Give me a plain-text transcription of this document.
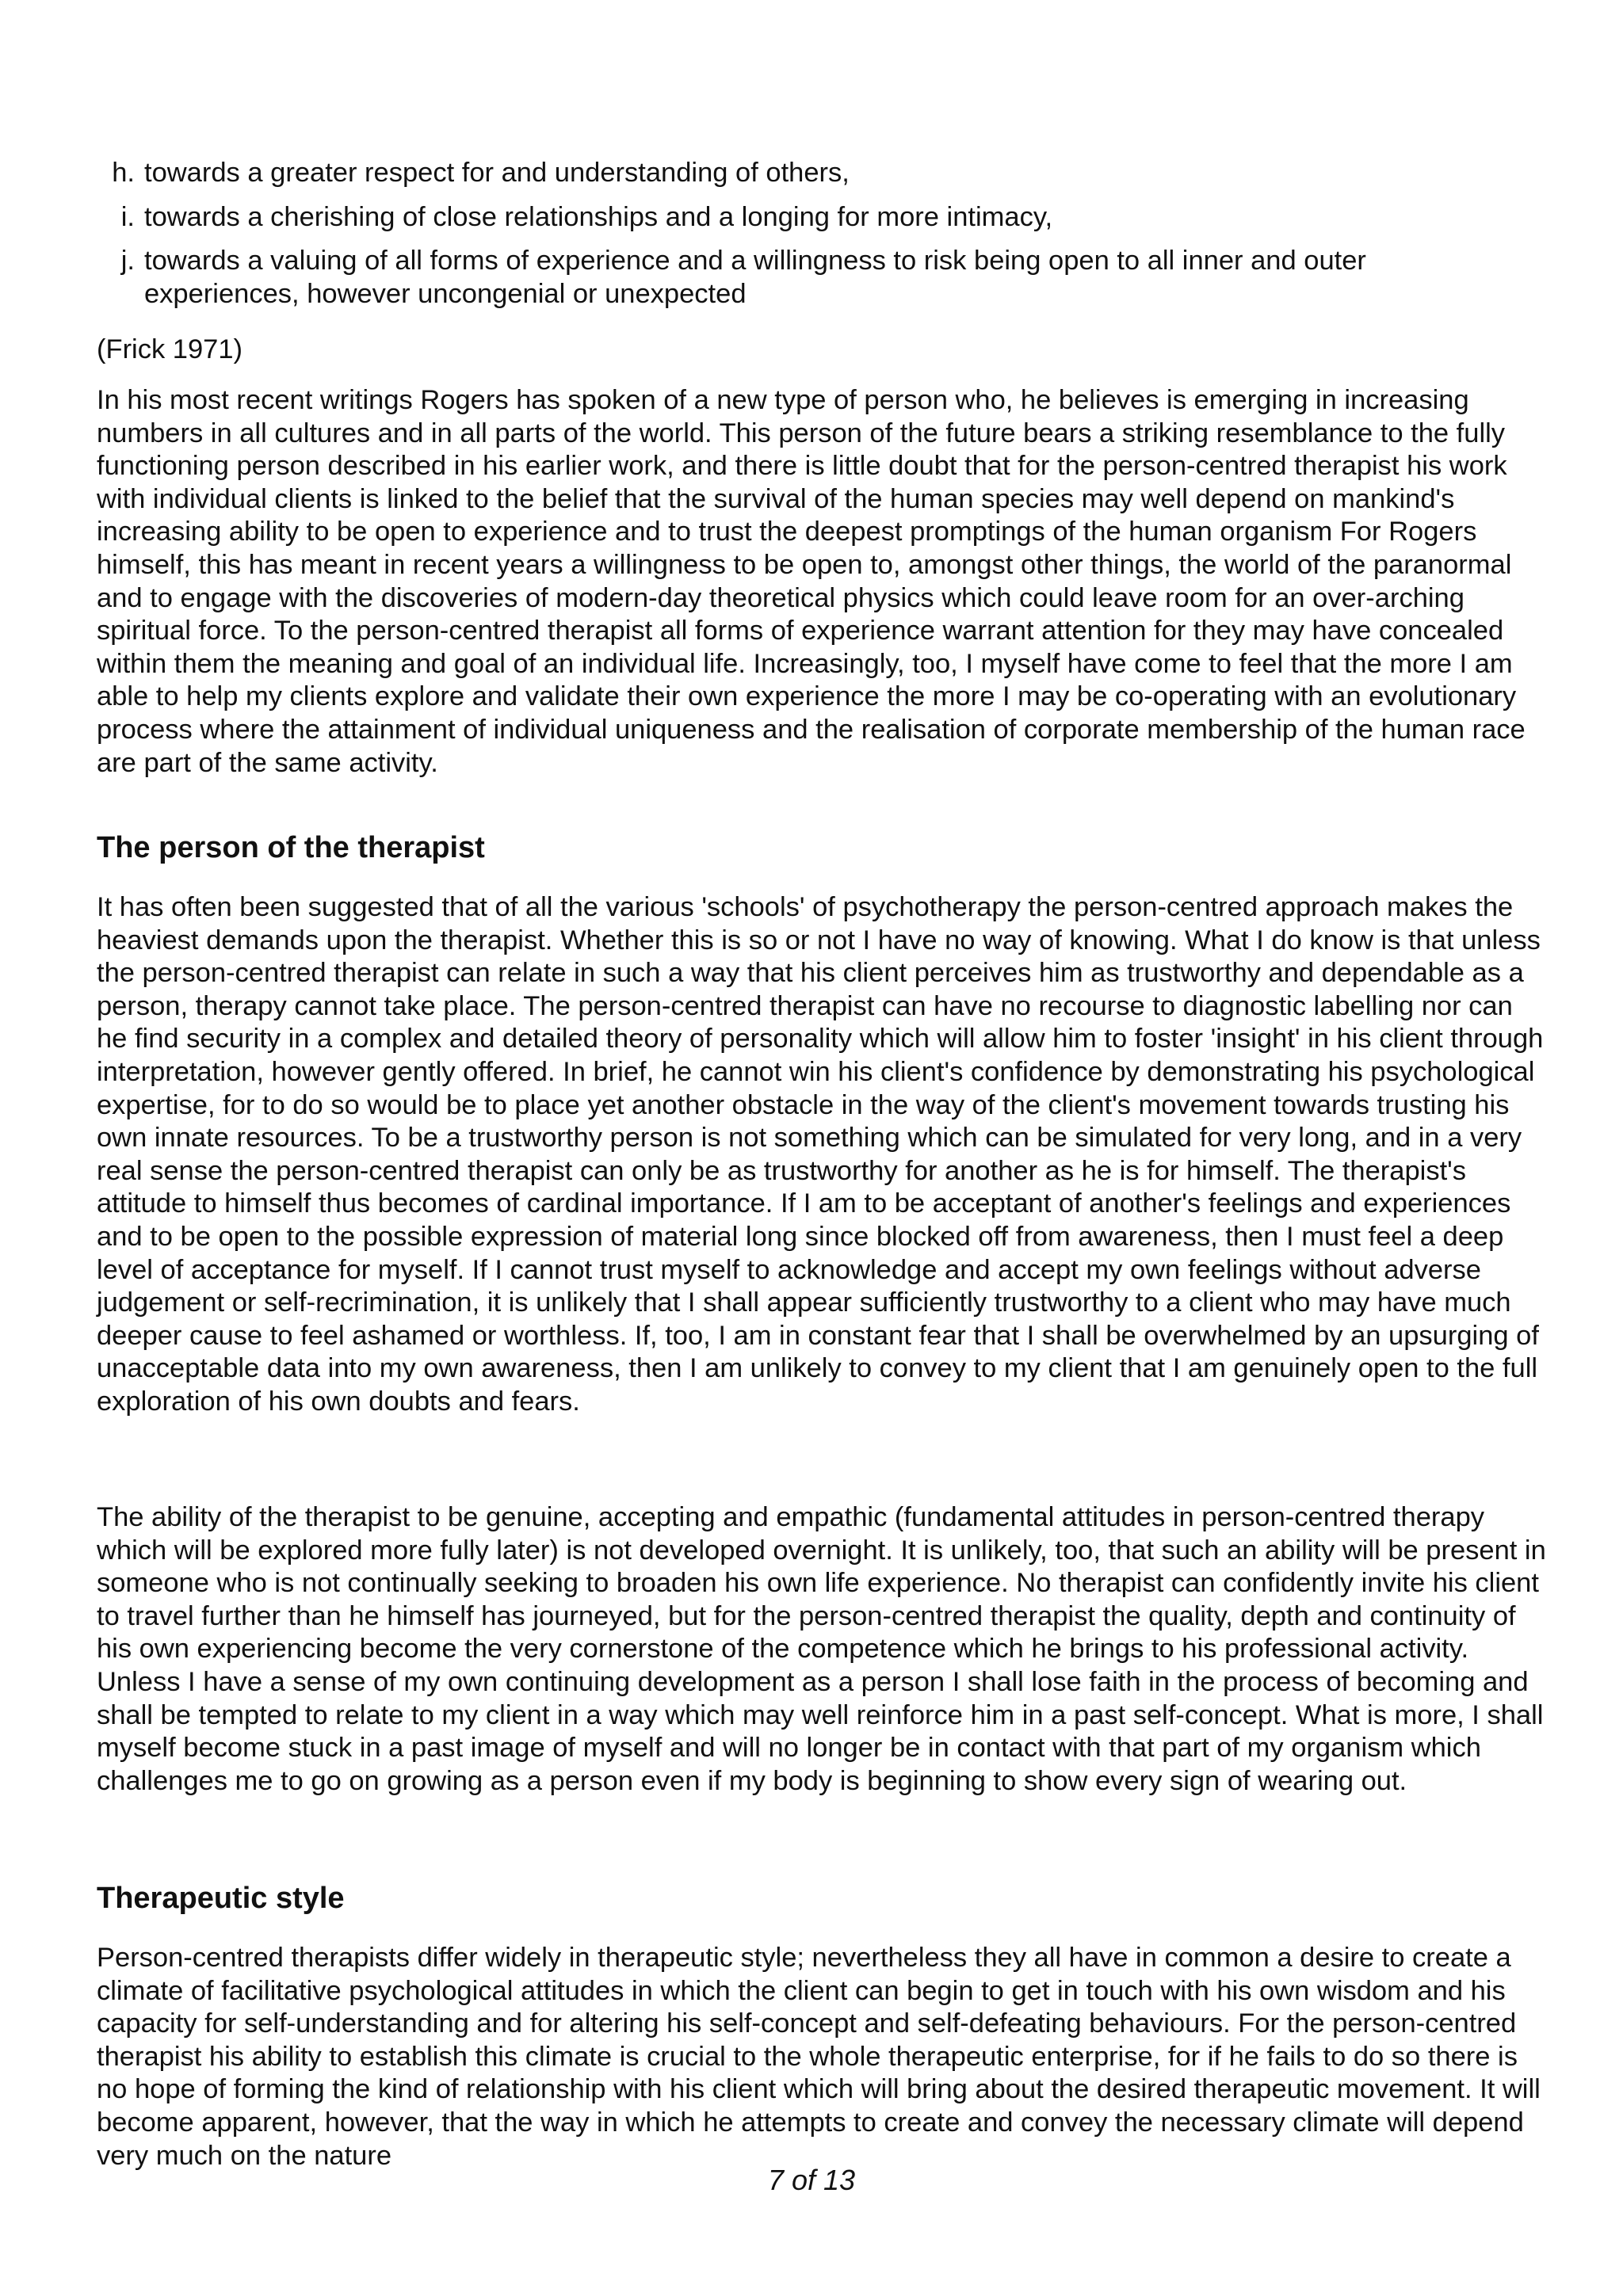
h. towards a greater respect for and understanding of others,
i. towards a cherishing of close relationships and a longing for more intimacy,
j. towards a valuing of all forms of experience and a willingness to risk being open to all inner and outer experiences, however uncongenial or unexpected

(Frick 1971)

In his most recent writings Rogers has spoken of a new type of person who, he believes is emerging in increasing numbers in all cultures and in all parts of the world. This person of the future bears a striking resemblance to the fully functioning person described in his earlier work, and there is little doubt that for the person-centred therapist his work with individual clients is linked to the belief that the survival of the human species may well depend on mankind's increasing ability to be open to experience and to trust the deepest promptings of the human organism For Rogers himself, this has meant in recent years a willingness to be open to, amongst other things, the world of the paranormal and to engage with the discoveries of modern-day theoretical physics which could leave room for an over-arching spiritual force. To the person-centred therapist all forms of experience warrant attention for they may have concealed within them the meaning and goal of an individual life. Increasingly, too, I myself have come to feel that the more I am able to help my clients explore and validate their own experience the more I may be co-operating with an evolutionary process where the attainment of individual uniqueness and the realisation of corporate membership of the human race are part of the same activity.

The person of the therapist

It has often been suggested that of all the various 'schools' of psychotherapy the person-centred approach makes the heaviest demands upon the therapist. Whether this is so or not I have no way of knowing. What I do know is that unless the person-centred therapist can relate in such a way that his client perceives him as trustworthy and dependable as a person, therapy cannot take place. The person-centred therapist can have no recourse to diagnostic labelling nor can he find security in a complex and detailed theory of personality which will allow him to foster 'insight' in his client through interpretation, however gently offered. In brief, he cannot win his client's confidence by demonstrating his psychological expertise, for to do so would be to place yet another obstacle in the way of the client's movement towards trusting his own innate resources. To be a trustworthy person is not something which can be simulated for very long, and in a very real sense the person-centred therapist can only be as trustworthy for another as he is for himself. The therapist's attitude to himself thus becomes of cardinal importance. If I am to be acceptant of another's feelings and experiences and to be open to the possible expression of material long since blocked off from awareness, then I must feel a deep level of acceptance for myself. If I cannot trust myself to acknowledge and accept my own feelings without adverse judgement or self-recrimination, it is unlikely that I shall appear sufficiently trustworthy to a client who may have much deeper cause to feel ashamed or worthless. If, too, I am in constant fear that I shall be overwhelmed by an upsurging of unacceptable data into my own awareness, then I am unlikely to convey to my client that I am genuinely open to the full exploration of his own doubts and fears.

The ability of the therapist to be genuine, accepting and empathic (fundamental attitudes in person-centred therapy which will be explored more fully later) is not developed overnight. It is unlikely, too, that such an ability will be present in someone who is not continually seeking to broaden his own life experience. No therapist can confidently invite his client to travel further than he himself has journeyed, but for the person-centred therapist the quality, depth and continuity of his own experiencing become the very cornerstone of the competence which he brings to his professional activity. Unless I have a sense of my own continuing development as a person I shall lose faith in the process of becoming and shall be tempted to relate to my client in a way which may well reinforce him in a past self-concept. What is more, I shall myself become stuck in a past image of myself and will no longer be in contact with that part of my organism which challenges me to go on growing as a person even if my body is beginning to show every sign of wearing out.

Therapeutic style

Person-centred therapists differ widely in therapeutic style; nevertheless they all have in common a desire to create a climate of facilitative psychological attitudes in which the client can begin to get in touch with his own wisdom and his capacity for self-understanding and for altering his self-concept and self-defeating behaviours. For the person-centred therapist his ability to establish this climate is crucial to the whole therapeutic enterprise, for if he fails to do so there is no hope of forming the kind of relationship with his client which will bring about the desired therapeutic movement. It will become apparent, however, that the way in which he attempts to create and convey the necessary climate will depend very much on the nature

7 of 13
